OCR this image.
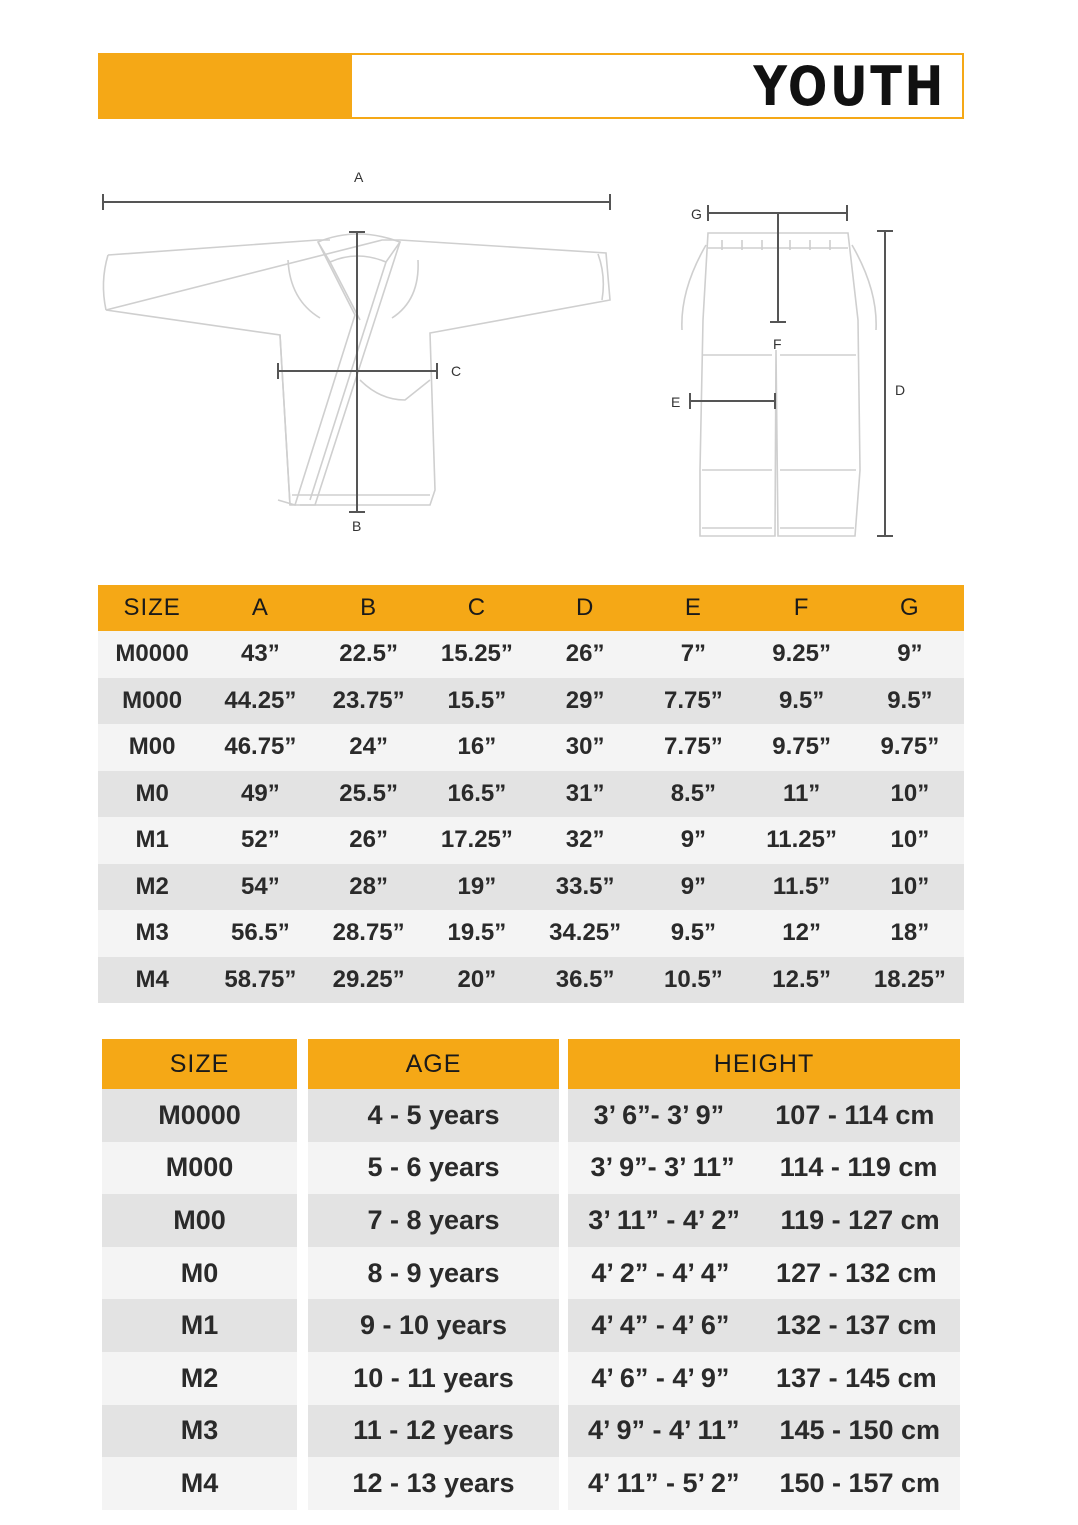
YOUTH
A
B
C
D
E
F
G
SIZE	A	B	C	D	E	F	G
M0000	43”	22.5”	15.25”	26”	7”	9.25”	9”
M000	44.25”	23.75”	15.5”	29”	7.75”	9.5”	9.5”
M00	46.75”	24”	16”	30”	7.75”	9.75”	9.75”
M0	49”	25.5”	16.5”	31”	8.5”	11”	10”
M1	52”	26”	17.25”	32”	9”	11.25”	10”
M2	54”	28”	19”	33.5”	9”	11.5”	10”
M3	56.5”	28.75”	19.5”	34.25”	9.5”	12”	18”
M4	58.75”	29.25”	20”	36.5”	10.5”	12.5”	18.25”
SIZE	AGE	HEIGHT
M0000	4 - 5 years	3’ 6”- 3’ 9” 107 - 114 cm
M000	5 - 6 years	3’ 9”- 3’ 11” 114 - 119 cm
M00	7 - 8 years	3’ 11” - 4’ 2” 119 - 127 cm
M0	8 - 9 years	4’ 2” - 4’ 4” 127 - 132 cm
M1	9 - 10 years	4’ 4” - 4’ 6” 132 - 137 cm
M2	10 - 11 years	4’ 6” - 4’ 9” 137 - 145 cm
M3	11 - 12 years	4’ 9” - 4’ 11” 145 - 150 cm
M4	12 - 13 years	4’ 11” - 5’ 2” 150 - 157 cm
